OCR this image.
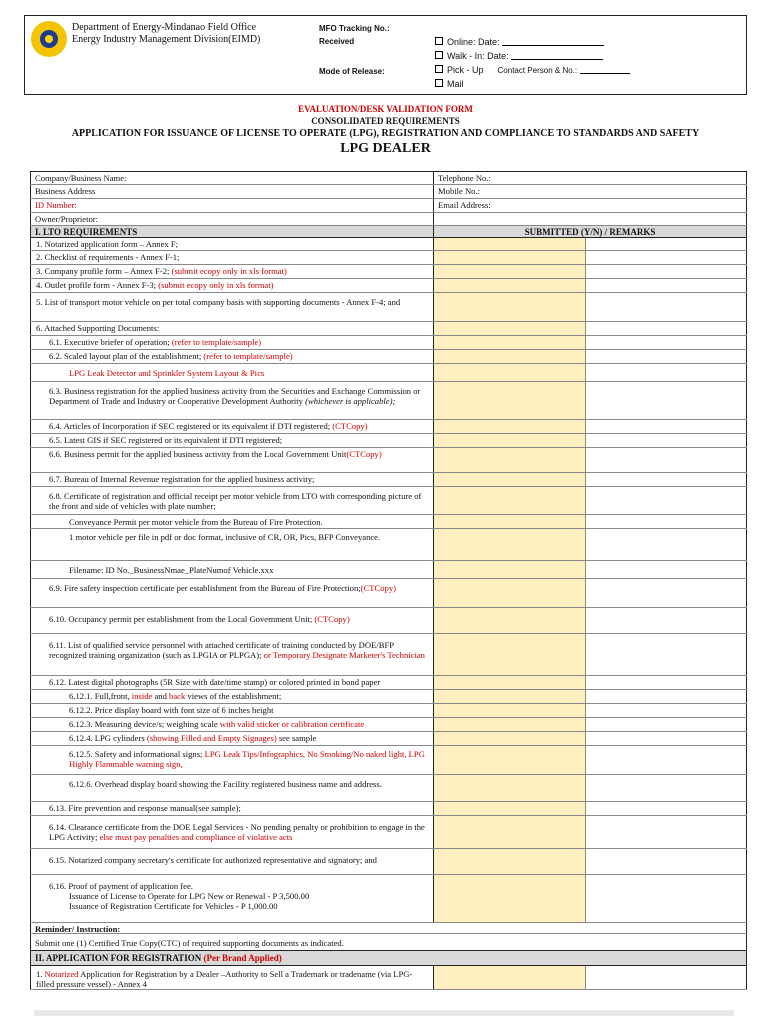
Department of Energy-Mindanao Field Office
Energy Industry Management Division(EIMD)
MFO Tracking No.:
Received
Mode of Release:
Online: Date:
Walk - In: Date:
Pick - Up Contact Person & No.:
Mail
EVALUATION/DESK VALIDATION FORM
CONSOLIDATED REQUIREMENTS
APPLICATION FOR ISSUANCE OF LICENSE TO OPERATE (LPG), REGISTRATION AND COMPLIANCE TO STANDARDS AND SAFETY
LPG DEALER
Company/Business Name:	Telephone No.:
Business Address	Mobile No.:
ID Number:	Email Address:
Owner/Proprietor:
I. LTO REQUIREMENTS	SUBMITTED (Y/N) / REMARKS
1. Notarized application form – Annex F;
2. Checklist of requirements - Annex F-1;
3. Company profile form – Annex F-2; (submit ecopy only in xls format)
4. Outlet profile form - Annex F-3; (submit ecopy only in xls format)
5. List of transport motor vehicle on per total company basis with supporting documents - Annex F-4; and
6. Attached Supporting Documents:
6.1. Executive briefer of operation; (refer to template/sample)
6.2. Scaled layout plan of the establishment; (refer to template/sample)
LPG Leak Detector and Sprinkler System Layout & Pics
6.3. Business registration for the applied business activity from the Securities and Exchange Commission or Department of Trade and Industry or Cooperative Development Authority (whichever is applicable);
6.4. Articles of Incorporation if SEC registered or its equivalent if DTI registered; (CTCopy)
6.5. Latest GIS if SEC registered or its equivalent if DTI registered;
6.6. Business permit for the applied business activity from the Local Government Unit(CTCopy)
6.7. Bureau of Internal Revenue registration for the applied business activity;
6.8. Certificate of registration and official receipt per motor vehicle from LTO with corresponding picture of the front and side of vehicles with plate number;
Conveyance Permit per motor vehicle from the Bureau of Fire Protection.
1 motor vehicle per file in pdf or doc format, inclusive of CR, OR, Pics, BFP Conveyance.
Filename: ID No._BusinessNmae_PlateNumof Vehicle.xxx
6.9. Fire safety inspection certificate per establishment from the Bureau of Fire Protection;(CTCopy)
6.10. Occupancy permit per establishment from the Local Government Unit; (CTCopy)
6.11. List of qualified service personnel with attached certificate of training conducted by DOE/BFP recognized training organization (such as LPGIA or PLPGA); or Temporary Designate Marketer's Technician
6.12. Latest digital photographs (5R Size with date/time stamp) or colored printed in bond paper
6.12.1. Full,front, inside and back views of the establishment;
6.12.2. Price display board with font size of 6 inches height
6.12.3. Measuring device/s; weighing scale with valid sticker or calibration certificate
6.12.4. LPG cylinders (showing Filled and Empty Signages) see sample
6.12.5. Safety and informational signs; LPG Leak Tips/Infographics, No Smoking/No naked light, LPG Highly Flammable warning sign,
6.12.6. Overhead display board showing the Facility registered business name and address.
6.13. Fire prevention and response manual(see sample);
6.14. Clearance certificate from the DOE Legal Services - No pending penalty or prohibition to engage in the LPG Activity; else must pay penalties and compliance of violative acts
6.15. Notarized company secretary's certificate for authorized representative and signatory; and
6.16. Proof of payment of application fee.
Issuance of License to Operate for LPG New or Renewal - P 3,500.00
Issuance of Registration Certificate for Vehicles - P 1,000.00
Reminder/ Instruction:
Submit one (1) Certified True Copy(CTC) of required supporting documents as indicated.
II. APPLICATION FOR REGISTRATION (Per Brand Applied)
1. Notarized Application for Registration by a Dealer –Authority to Sell a Trademark or tradename (via LPG-filled pressure vessel) - Annex 4
